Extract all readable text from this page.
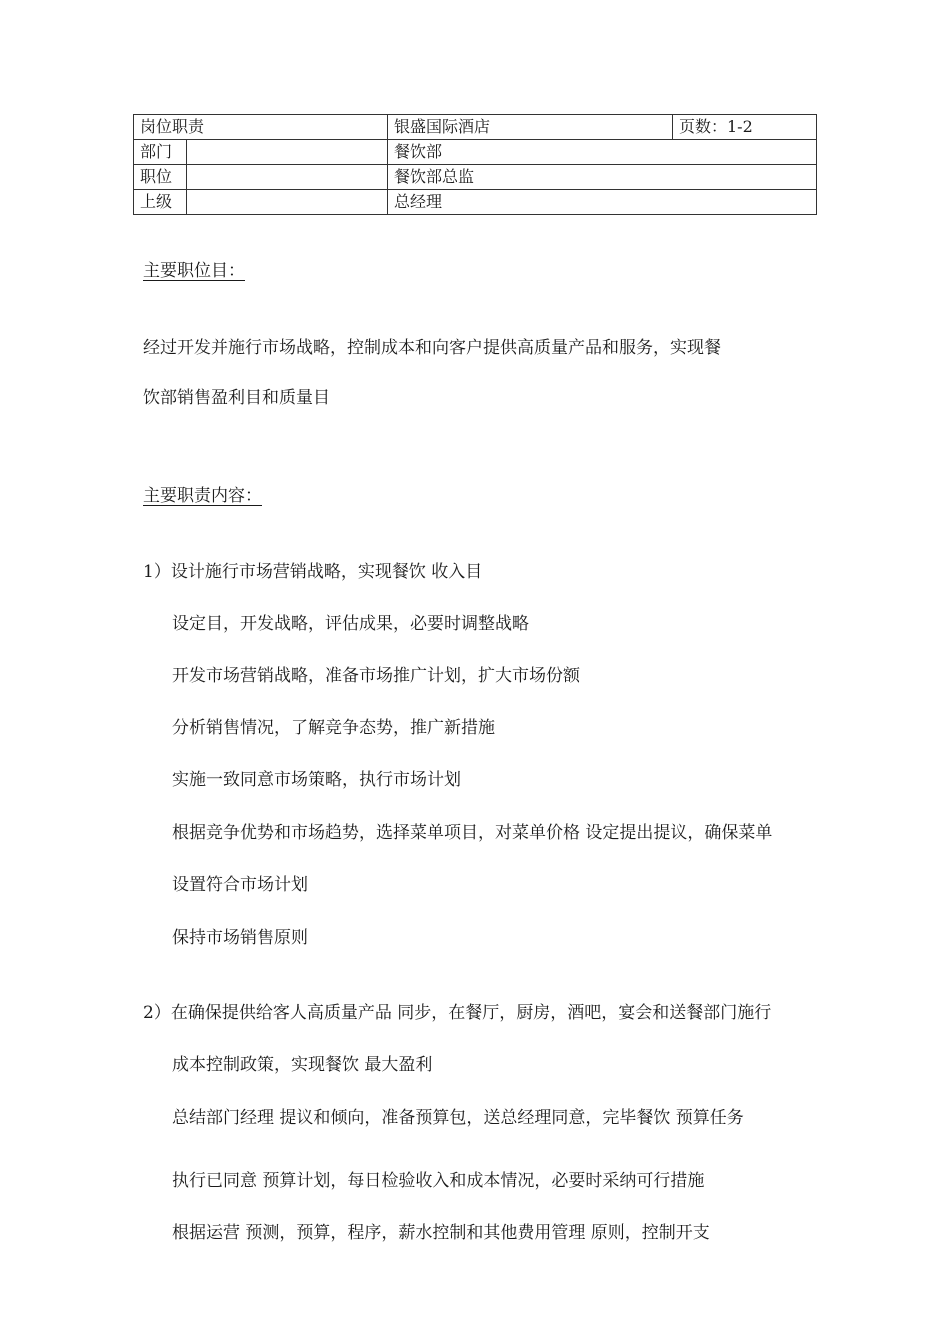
岗位职责		银盛国际酒店	页数：1-2
部门		餐饮部	
职位		餐饮部总监	
上级		总经理	
主要职位目：
经过开发并施行市场战略，控制成本和向客户提供高质量产品和服务，实现餐
饮部销售盈利目和质量目
主要职责内容：
1）设计施行市场营销战略，实现餐饮 收入目
设定目，开发战略，评估成果，必要时调整战略
开发市场营销战略，准备市场推广计划，扩大市场份额
分析销售情况，了解竞争态势，推广新措施
实施一致同意市场策略，执行市场计划
根据竞争优势和市场趋势，选择菜单项目，对菜单价格 设定提出提议，确保菜单
设置符合市场计划
保持市场销售原则
2）在确保提供给客人高质量产品 同步，在餐厅，厨房，酒吧，宴会和送餐部门施行
成本控制政策，实现餐饮 最大盈利
总结部门经理 提议和倾向，准备预算包，送总经理同意，完毕餐饮 预算任务
执行已同意 预算计划，每日检验收入和成本情况，必要时采纳可行措施
根据运营 预测，预算，程序，薪水控制和其他费用管理 原则，控制开支
